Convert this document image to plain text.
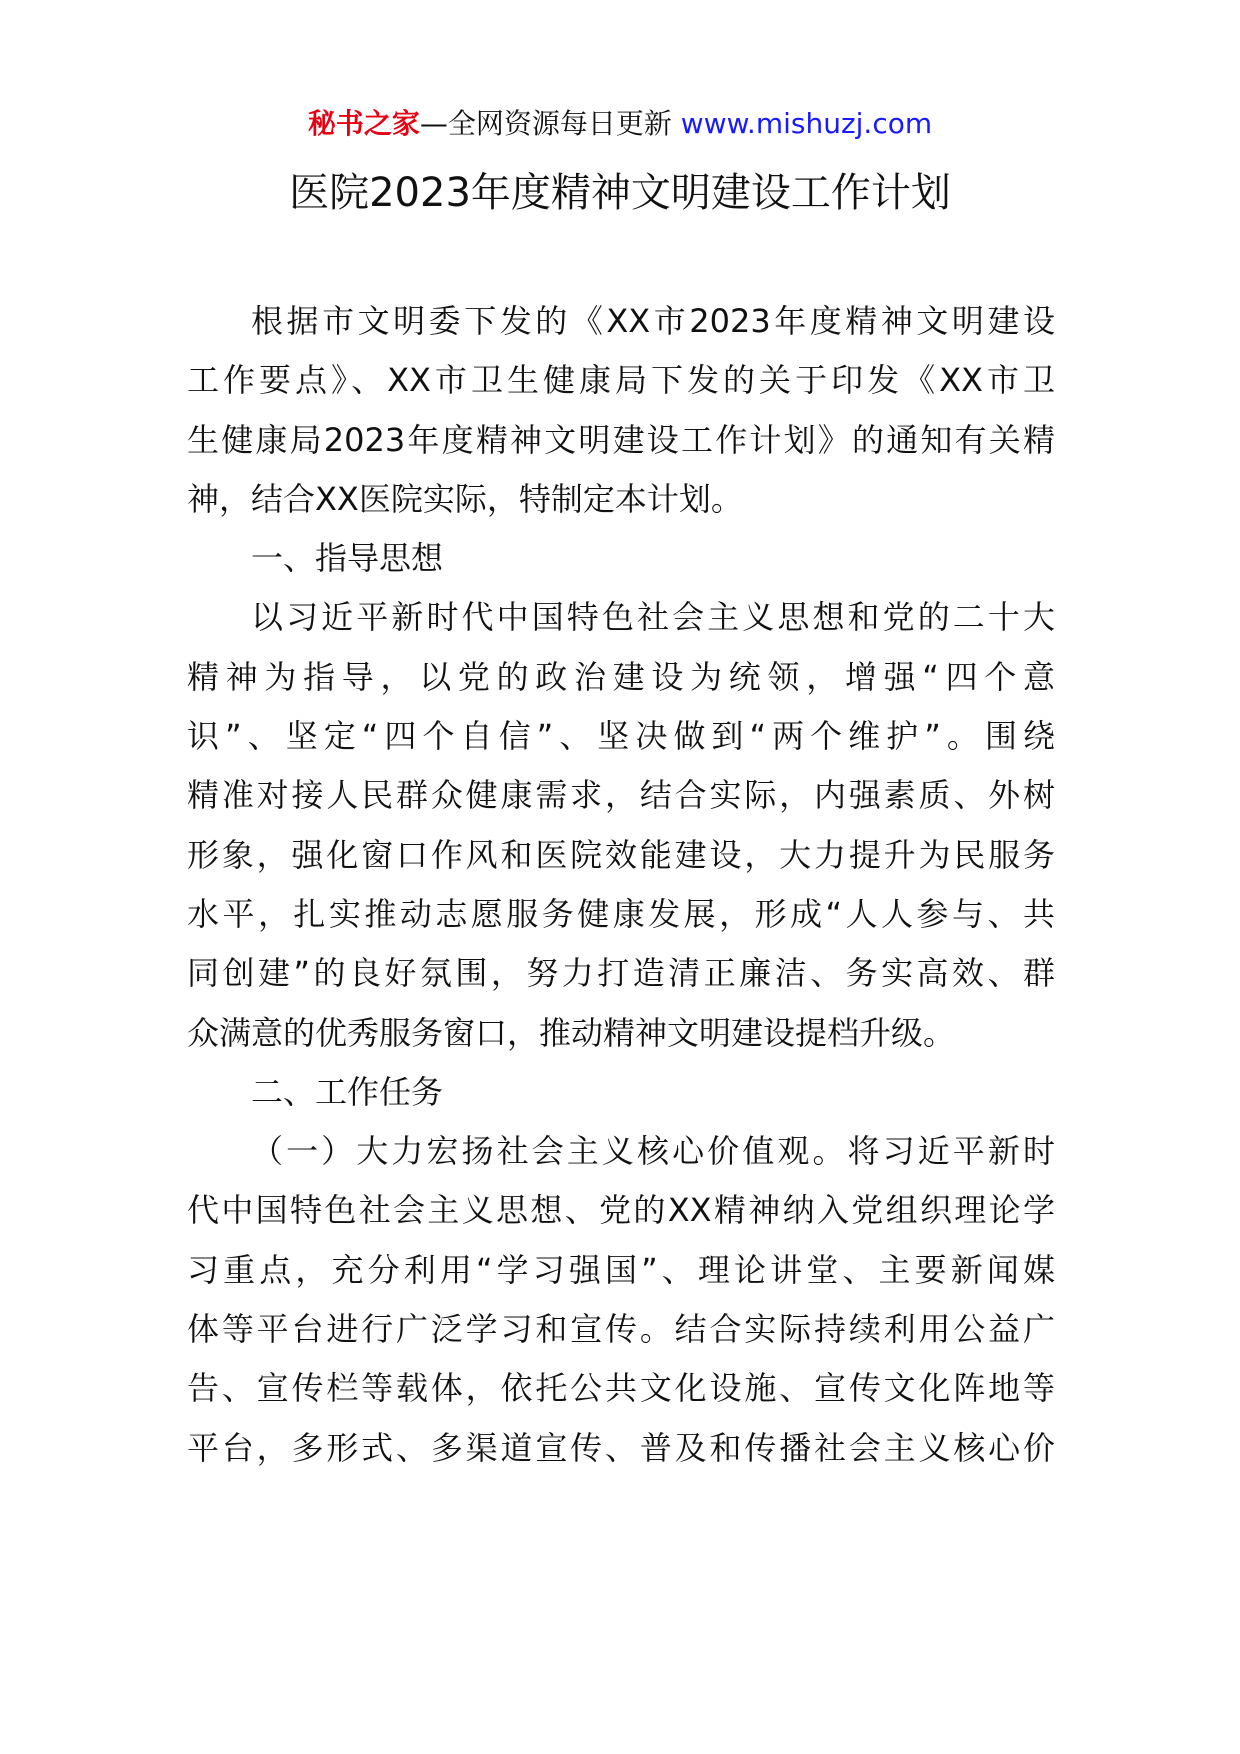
秘书之家—全网资源每日更新 www.mishuzj.com
医院2023年度精神文明建设工作计划

根据市文明委下发的《XX市2023年度精神文明建设
工作要点》、XX市卫生健康局下发的关于印发《XX市卫
生健康局2023年度精神文明建设工作计划》的通知有关精
神，结合XX医院实际，特制定本计划。

一、指导思想

以习近平新时代中国特色社会主义思想和党的二十大
精神为指导，以党的政治建设为统领，增强“四个意
识”、坚定“四个自信”、坚决做到“两个维护”。围绕
精准对接人民群众健康需求，结合实际，内强素质、外树
形象，强化窗口作风和医院效能建设，大力提升为民服务
水平，扎实推动志愿服务健康发展，形成“人人参与、共
同创建”的良好氛围，努力打造清正廉洁、务实高效、群
众满意的优秀服务窗口，推动精神文明建设提档升级。

二、工作任务

（一）大力宏扬社会主义核心价值观。将习近平新时
代中国特色社会主义思想、党的XX精神纳入党组织理论学
习重点，充分利用“学习强国”、理论讲堂、主要新闻媒
体等平台进行广泛学习和宣传。结合实际持续利用公益广
告、宣传栏等载体，依托公共文化设施、宣传文化阵地等
平台，多形式、多渠道宣传、普及和传播社会主义核心价
